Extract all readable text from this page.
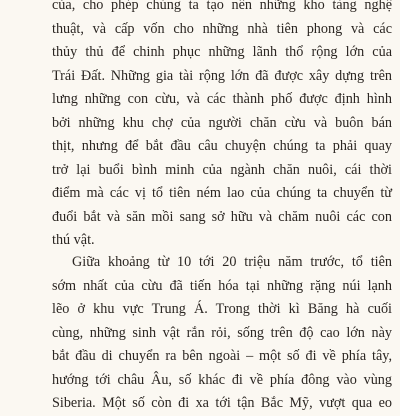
của, cho phép chúng ta tạo nên những kho tàng nghệ
thuật, và cấp vốn cho những nhà tiên phong và các
thủy thủ để chinh phục những lãnh thổ rộng lớn của
Trái Đất. Những gia tài rộng lớn đã được xây dựng trên
lưng những con cừu, và các thành phố được định hình
bởi những khu chợ của người chăn cừu và buôn bán
thịt, nhưng để bắt đầu câu chuyện chúng ta phải quay
trở lại buổi bình minh của ngành chăn nuôi, cái thời
điểm mà các vị tổ tiên ném lao của chúng ta chuyển từ
đuổi bắt và săn mồi sang sở hữu và chăm nuôi các con
thú vật.
Giữa khoảng từ 10 tới 20 triệu năm trước, tổ tiên
sớm nhất của cừu đã tiến hóa tại những rặng núi lạnh
lẽo ở khu vực Trung Á. Trong thời kì Băng hà cuối
cùng, những sinh vật rắn rỏi, sống trên độ cao lớn này
bắt đầu di chuyển ra bên ngoài – một số đi về phía tây,
hướng tới châu Âu, số khác đi về phía đông vào vùng
Siberia. Một số còn đi xa tới tận Bắc Mỹ, vượt qua eo
